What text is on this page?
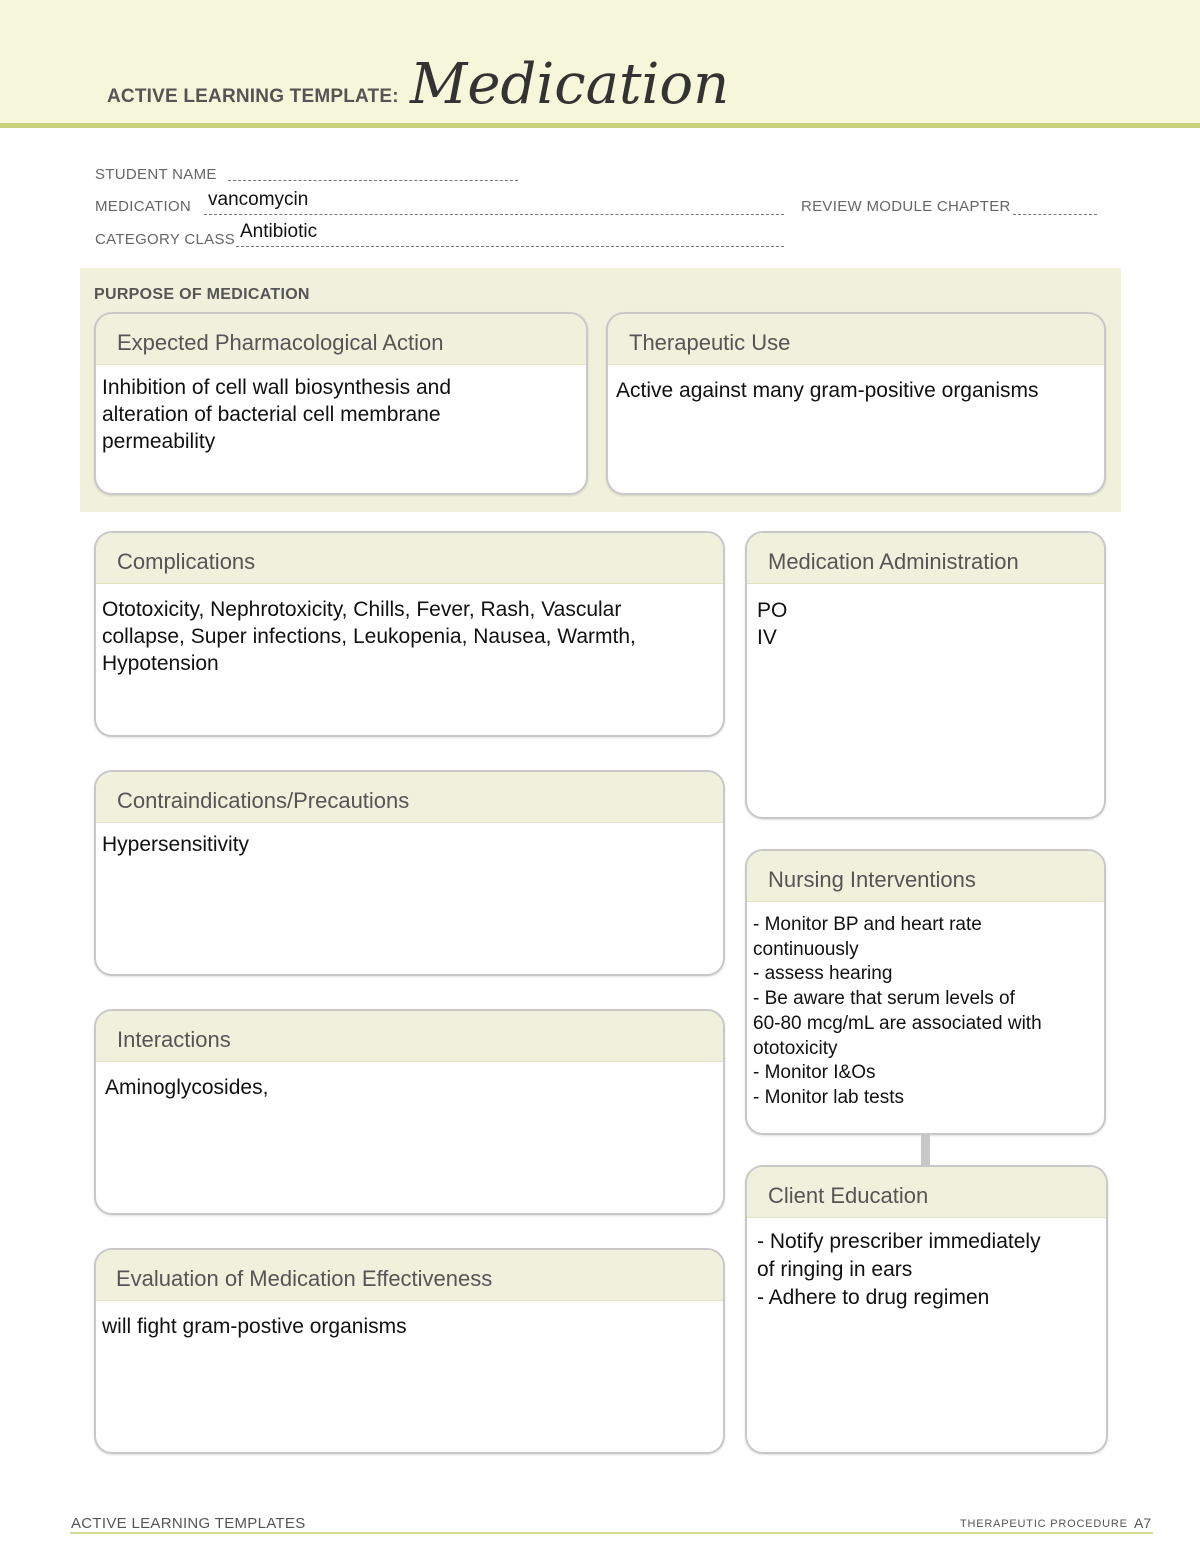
ACTIVE LEARNING TEMPLATE: Medication
STUDENT NAME
MEDICATION vancomycin	REVIEW MODULE CHAPTER
CATEGORY CLASS Antibiotic
PURPOSE OF MEDICATION
Expected Pharmacological Action
Inhibition of cell wall biosynthesis and
alteration of bacterial cell membrane
permeability
Therapeutic Use
Active against many gram-positive organisms
Complications
Ototoxicity, Nephrotoxicity, Chills, Fever, Rash, Vascular
collapse, Super infections, Leukopenia, Nausea, Warmth,
Hypotension
Contraindications/Precautions
Hypersensitivity
Interactions
Aminoglycosides,
Evaluation of Medication Effectiveness
will fight gram-postive organisms
Medication Administration
PO
IV
Nursing Interventions
- Monitor BP and heart rate
continuously
- assess hearing
- Be aware that serum levels of
60-80 mcg/mL are associated with
ototoxicity
- Monitor I&Os
- Monitor lab tests
Client Education
- Notify prescriber immediately
of ringing in ears
- Adhere to drug regimen
ACTIVE LEARNING TEMPLATES	THERAPEUTIC PROCEDURE A7
